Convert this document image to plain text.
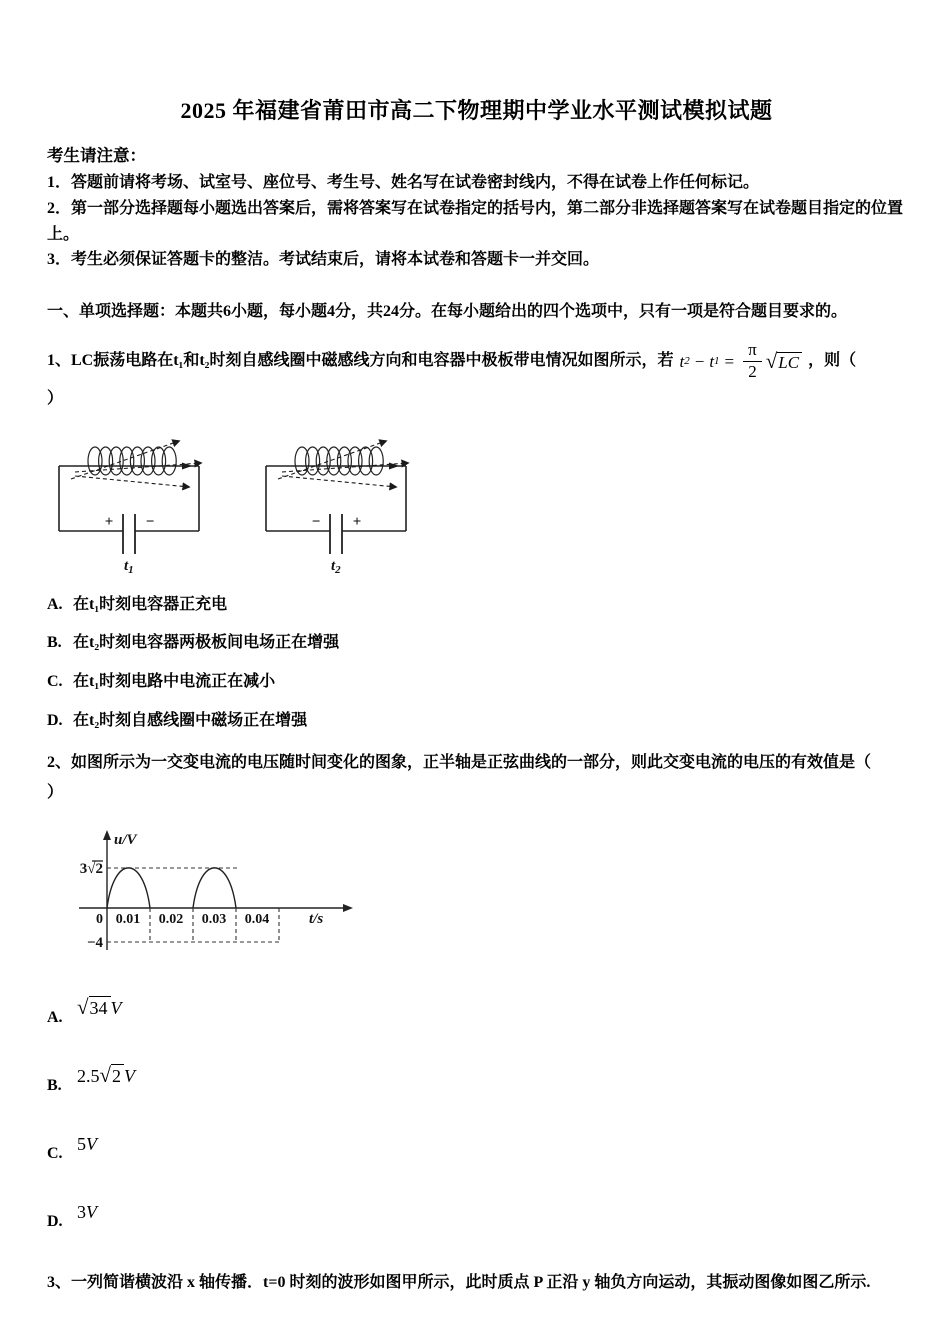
2025 年福建省莆田市高二下物理期中学业水平测试模拟试题
考生请注意：
1．答题前请将考场、试室号、座位号、考生号、姓名写在试卷密封线内，不得在试卷上作任何标记。
2．第一部分选择题每小题选出答案后，需将答案写在试卷指定的括号内，第二部分非选择题答案写在试卷题目指定的位置上。
3．考生必须保证答题卡的整洁。考试结束后，请将本试卷和答题卡一并交回。
一、单项选择题：本题共6小题，每小题4分，共24分。在每小题给出的四个选项中，只有一项是符合题目要求的。
1、LC振荡电路在t₁和t₂时刻自感线圈中磁感线方向和电容器中极板带电情况如图所示，若 t 2 − t $1 = \frac{\pi}{2}$ √ LC ，则（
）
+ −
$t_1$

− +
$t_2$
A. 在t₁时刻电容器正充电
B. 在t₂时刻电容器两极板间电场正在增强
C. 在t₁时刻电路中电流正在减小
D. 在t₂时刻自感线圈中磁场正在增强
2、如图所示为一交变电流的电压随时间变化的图象，正半轴是正弦曲线的一部分，则此交变电流的电压的有效值是（
）
u/V
3√2
−4
0 0.01 0.02 0.03 0.04	t/s
A. √34 V
B. 2.5√2 V
C. 5V
D. 3V
3、一列简谐横波沿 x 轴传播．t=0 时刻的波形如图甲所示，此时质点 P 正沿 y 轴负方向运动，其振动图像如图乙所示.
